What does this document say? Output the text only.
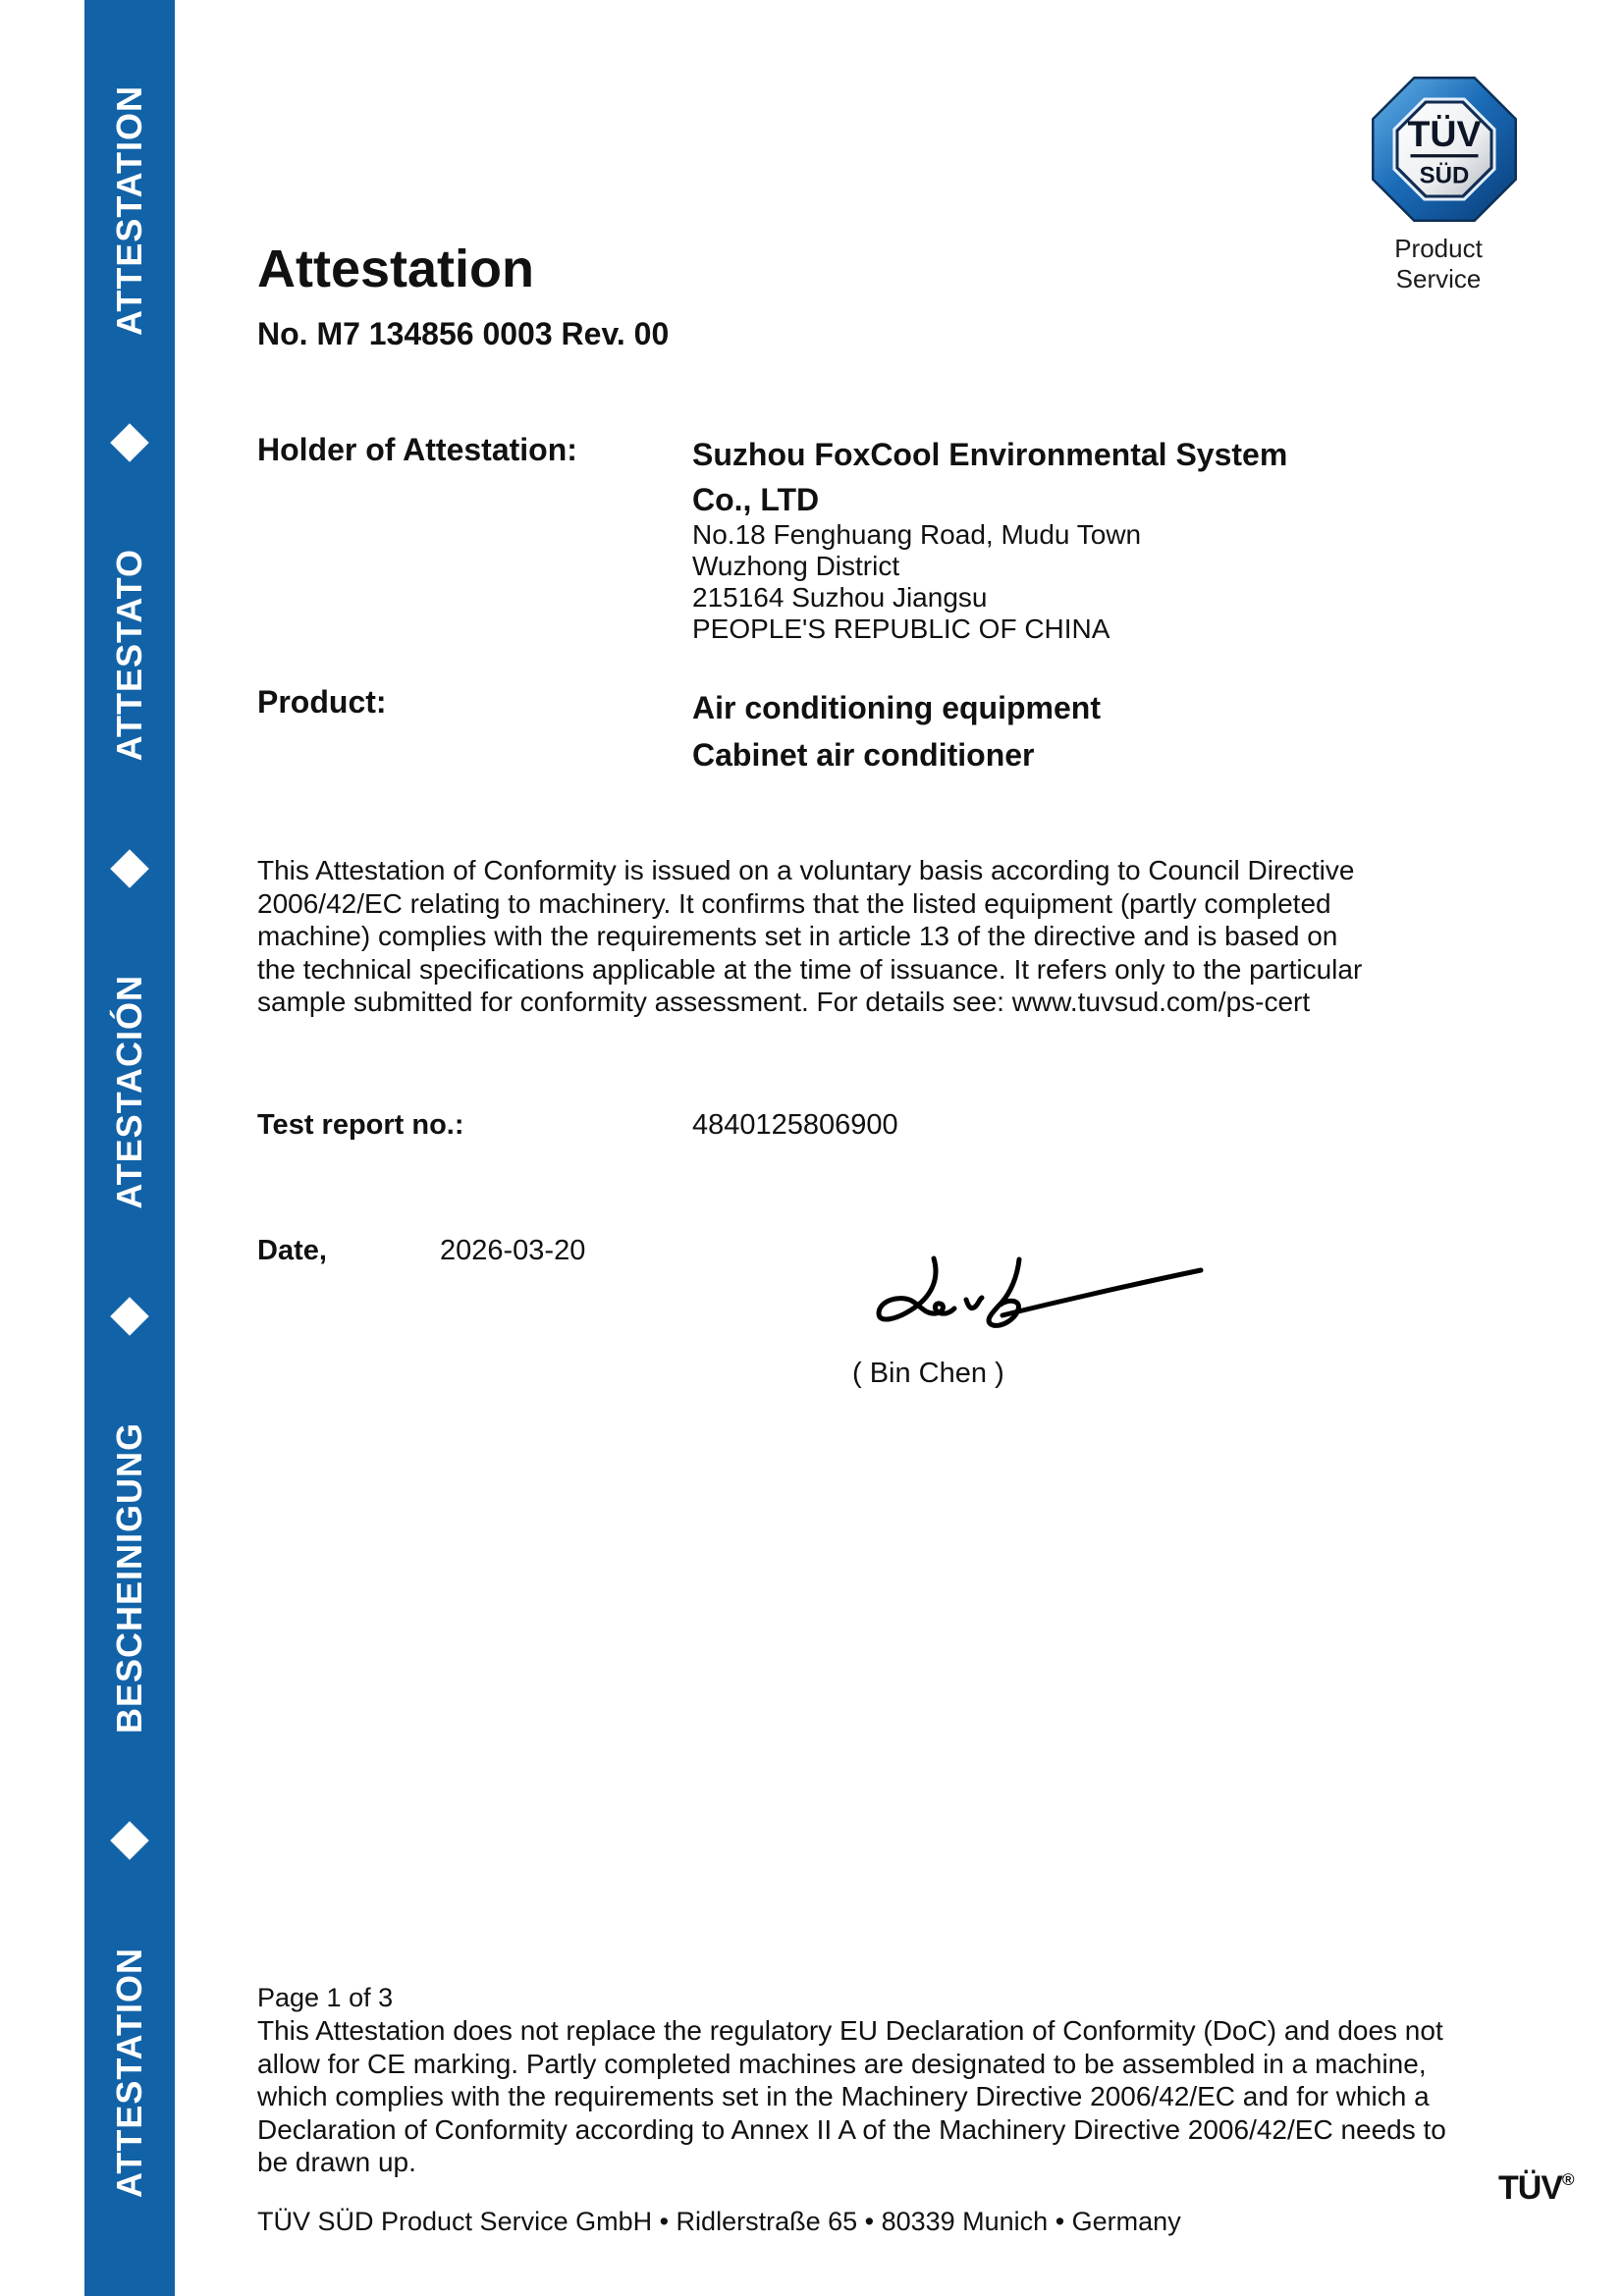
ATTESTATION
ATTESTATO
ATESTACIÓN
BESCHEINIGUNG
ATTESTATION
TÜV
SÜD
Product Service
Attestation
No. M7 134856 0003 Rev. 00
Holder of Attestation:	Suzhou FoxCool Environmental System
Co., LTD
No.18 Fenghuang Road, Mudu Town
Wuzhong District
215164 Suzhou Jiangsu
PEOPLE'S REPUBLIC OF CHINA
Product:	Air conditioning equipment
Cabinet air conditioner
This Attestation of Conformity is issued on a voluntary basis according to Council Directive
2006/42/EC relating to machinery. It confirms that the listed equipment (partly completed
machine) complies with the requirements set in article 13 of the directive and is based on
the technical specifications applicable at the time of issuance. It refers only to the particular
sample submitted for conformity assessment. For details see: www.tuvsud.com/ps-cert
Test report no.:	4840125806900
Date,	2026-03-20
( Bin Chen )
Page 1 of 3
This Attestation does not replace the regulatory EU Declaration of Conformity (DoC) and does not
allow for CE marking. Partly completed machines are designated to be assembled in a machine,
which complies with the requirements set in the Machinery Directive 2006/42/EC and for which a
Declaration of Conformity according to Annex II A of the Machinery Directive 2006/42/EC needs to
be drawn up.
TÜV SÜD Product Service GmbH • Ridlerstraße 65 • 80339 Munich • Germany
TÜV®
